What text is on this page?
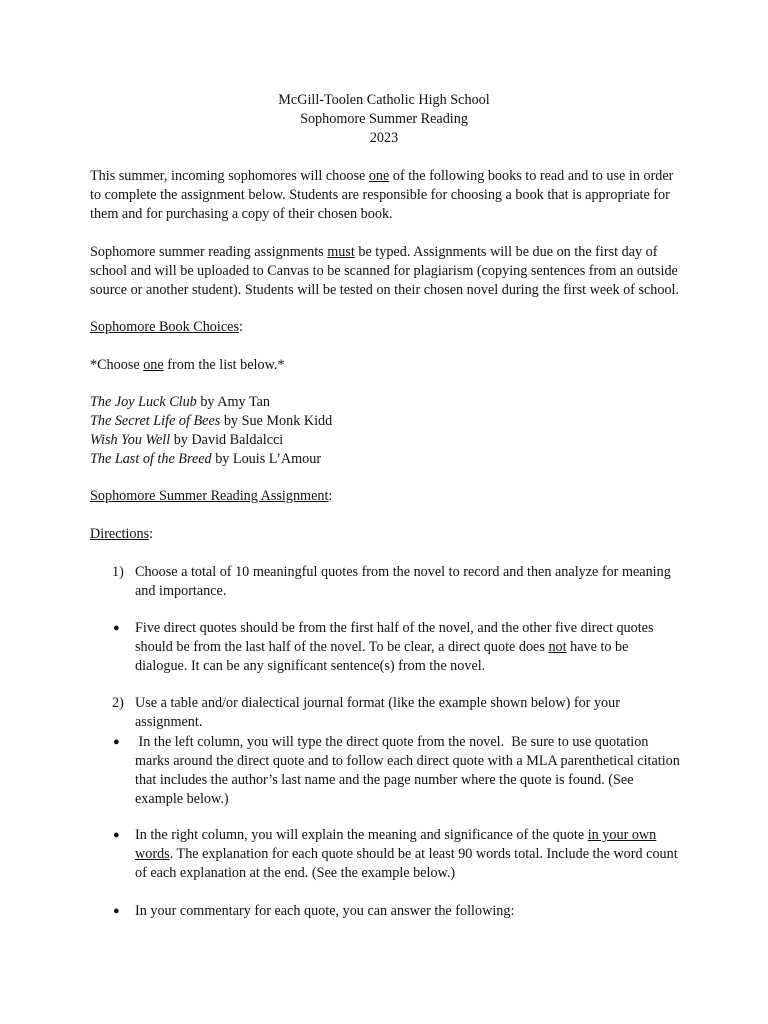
McGill-Toolen Catholic High School
Sophomore Summer Reading
2023
This summer, incoming sophomores will choose one of the following books to read and to use in order to complete the assignment below. Students are responsible for choosing a book that is appropriate for them and for purchasing a copy of their chosen book.
Sophomore summer reading assignments must be typed. Assignments will be due on the first day of school and will be uploaded to Canvas to be scanned for plagiarism (copying sentences from an outside source or another student). Students will be tested on their chosen novel during the first week of school.
Sophomore Book Choices:
*Choose one from the list below.*
The Joy Luck Club by Amy Tan
The Secret Life of Bees by Sue Monk Kidd
Wish You Well by David Baldalcci
The Last of the Breed by Louis L’Amour
Sophomore Summer Reading Assignment:
Directions:
1) Choose a total of 10 meaningful quotes from the novel to record and then analyze for meaning and importance.
● Five direct quotes should be from the first half of the novel, and the other five direct quotes should be from the last half of the novel. To be clear, a direct quote does not have to be dialogue. It can be any significant sentence(s) from the novel.
2) Use a table and/or dialectical journal format (like the example shown below) for your assignment.
● In the left column, you will type the direct quote from the novel.  Be sure to use quotation marks around the direct quote and to follow each direct quote with a MLA parenthetical citation that includes the author’s last name and the page number where the quote is found. (See example below.)
● In the right column, you will explain the meaning and significance of the quote in your own words. The explanation for each quote should be at least 90 words total. Include the word count of each explanation at the end. (See the example below.)
● In your commentary for each quote, you can answer the following:
